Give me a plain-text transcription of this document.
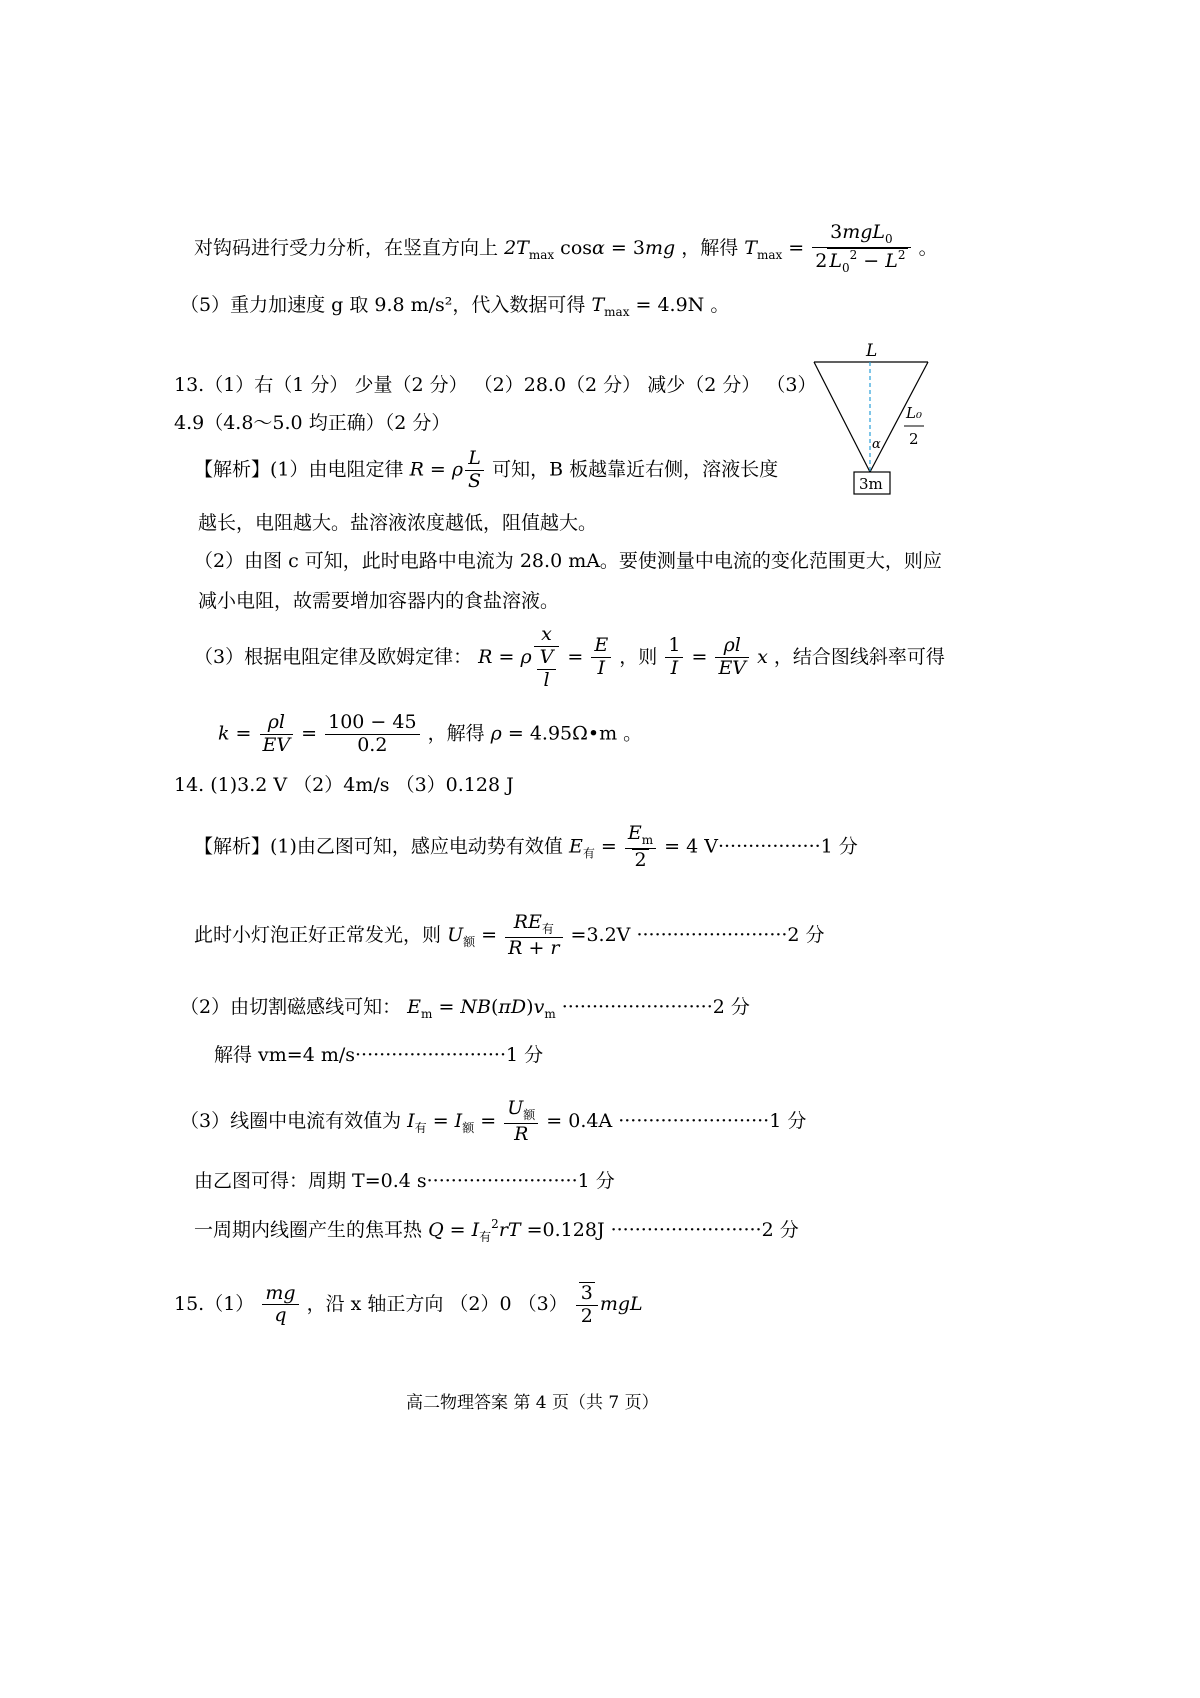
对钩码进行受力分析，在竖直方向上 $2T_{max}$ cosα = 3mg ，解得 $T_{max} = \frac{3mgL_0}{2 L_0^2 - L^2}$ 。
（5）重力加速度 g 取 9.8 m/s²，代入数据可得 $T_{max} = 4.9N$ 。
13.（1）右（1 分） 少量（2 分） （2）28.0（2 分） 减少（2 分） （3）
4.9（4.8～5.0 均正确）（2 分）
【解析】(1）由电阻定律 R = ρ $\frac{L}{S}$ 可知，B 板越靠近右侧，溶液长度
越长，电阻越大。盐溶液浓度越低，阻值越大。
（2）由图 c 可知，此时电路中电流为 28.0 mA。要使测量中电流的变化范围更大，则应
减小电阻，故需要增加容器内的食盐溶液。
（3）根据电阻定律及欧姆定律： R = ρ $\frac{x}{\frac{V}{l}} = \frac{E}{I}$ ，则 $\frac{1}{I} = \frac{\rho l}{EV}$ x ，结合图线斜率可得
$k = \frac{\rho l}{EV} = \frac{100 - 45}{0.2}$ ，解得 ρ = 4.95Ω•m 。
L
α
L₀
2
3m
14. (1)3.2 V （2）4m/s （3）0.128 J
【解析】(1)由乙图可知，感应电动势有效值 $E_有 = \frac{E_m}{2} = 4$ V·················1 分
此时小灯泡正好正常发光，则 $U_额 = \frac{RE_有}{R + r} =3.2V \cdot\cdot\cdot\cdot\cdot\cdot\cdot\cdot\cdot\cdot\cdot\cdot\cdot\cdot\cdot\cdot\cdot\cdot\cdot\cdot\cdot\cdot\cdot\cdot\cdot 2$ 分
（2）由切割磁感线可知： $E_m = NB(\pi D)v_m \cdot\cdot\cdot\cdot\cdot\cdot\cdot\cdot\cdot\cdot\cdot\cdot\cdot\cdot\cdot\cdot\cdot\cdot\cdot\cdot\cdot\cdot\cdot\cdot\cdot 2$ 分
解得 vm=4 m/s·························1 分
（3）线圈中电流有效值为 $I_有 = I_额 = \frac{U_额}{R} = 0.4A \cdot\cdot\cdot\cdot\cdot\cdot\cdot\cdot\cdot\cdot\cdot\cdot\cdot\cdot\cdot\cdot\cdot\cdot\cdot\cdot\cdot\cdot\cdot\cdot\cdot 1$ 分
由乙图可得：周期 T=0.4 s·························1 分
一周期内线圈产生的焦耳热 $Q = I_有^2rT =0.128J \cdot\cdot\cdot\cdot\cdot\cdot\cdot\cdot\cdot\cdot\cdot\cdot\cdot\cdot\cdot\cdot\cdot\cdot\cdot\cdot\cdot\cdot\cdot\cdot\cdot 2$ 分
$15.(1) \frac{mg}{q}$ ，沿 x 轴正方向 （2）0 $(3) \frac{3}{2}$ mgL
高二物理答案 第 4 页（共 7 页）
